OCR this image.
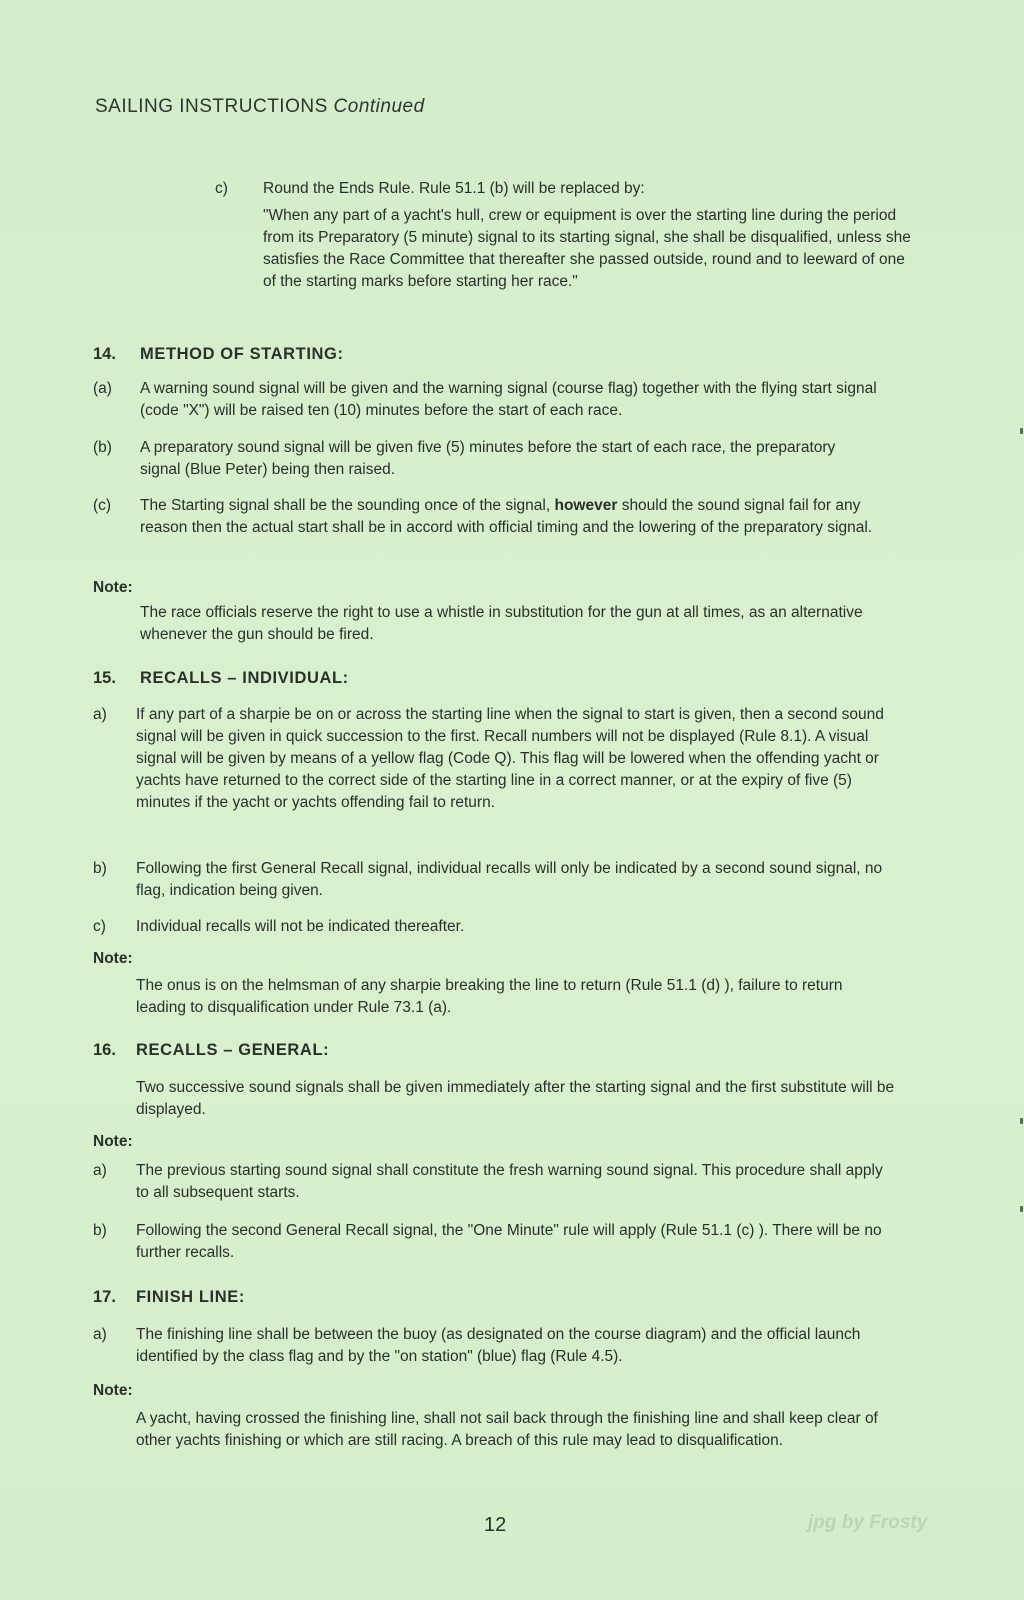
SAILING INSTRUCTIONS Continued

c) Round the Ends Rule. Rule 51.1 (b) will be replaced by:

"When any part of a yacht's hull, crew or equipment is over the starting line during the period from its Preparatory (5 minute) signal to its starting signal, she shall be disqualified, unless she satisfies the Race Committee that thereafter she passed outside, round and to leeward of one of the starting marks before starting her race."

14. METHOD OF STARTING:

(a) A warning sound signal will be given and the warning signal (course flag) together with the flying start signal (code "X") will be raised ten (10) minutes before the start of each race.

(b) A preparatory sound signal will be given five (5) minutes before the start of each race, the preparatory signal (Blue Peter) being then raised.

(c) The Starting signal shall be the sounding once of the signal, however should the sound signal fail for any reason then the actual start shall be in accord with official timing and the lowering of the preparatory signal.

Note:

The race officials reserve the right to use a whistle in substitution for the gun at all times, as an alternative whenever the gun should be fired.

15. RECALLS – INDIVIDUAL:

a) If any part of a sharpie be on or across the starting line when the signal to start is given, then a second sound signal will be given in quick succession to the first. Recall numbers will not be displayed (Rule 8.1). A visual signal will be given by means of a yellow flag (Code Q). This flag will be lowered when the offending yacht or yachts have returned to the correct side of the starting line in a correct manner, or at the expiry of five (5) minutes if the yacht or yachts offending fail to return.

b) Following the first General Recall signal, individual recalls will only be indicated by a second sound signal, no flag, indication being given.

c) Individual recalls will not be indicated thereafter.

Note:

The onus is on the helmsman of any sharpie breaking the line to return (Rule 51.1 (d) ), failure to return leading to disqualification under Rule 73.1 (a).

16. RECALLS – GENERAL:

Two successive sound signals shall be given immediately after the starting signal and the first substitute will be displayed.

Note:

a) The previous starting sound signal shall constitute the fresh warning sound signal. This procedure shall apply to all subsequent starts.

b) Following the second General Recall signal, the "One Minute" rule will apply (Rule 51.1 (c) ). There will be no further recalls.

17. FINISH LINE:

a) The finishing line shall be between the buoy (as designated on the course diagram) and the official launch identified by the class flag and by the "on station" (blue) flag (Rule 4.5).

Note:

A yacht, having crossed the finishing line, shall not sail back through the finishing line and shall keep clear of other yachts finishing or which are still racing. A breach of this rule may lead to disqualification.

12	jpg by Frosty
